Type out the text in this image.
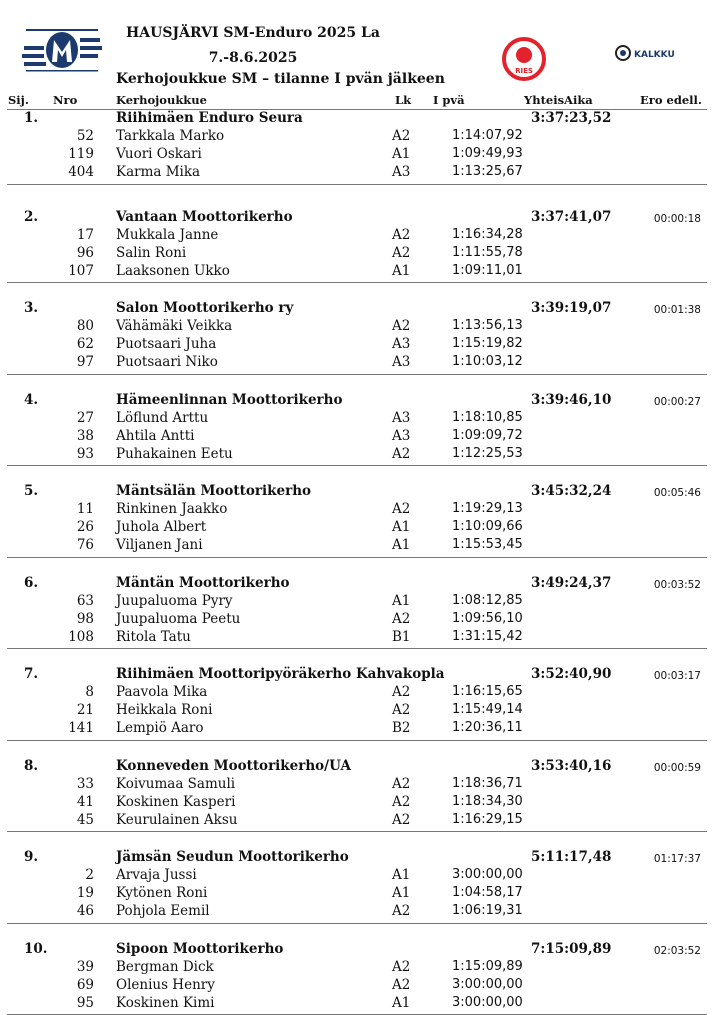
RIES
KALKKU
HAUSJÄRVI SM-Enduro 2025 La
7.-8.6.2025
Kerhojoukkue SM – tilanne I pvän jälkeen
Sij. Nro	Kerhojoukkue	Lk I pvä	YhteisAika	Ero edell.
1.	Riihimäen Enduro Seura	3:37:23,52
52 Tarkkala Marko	A2	1:14:07,92
119 Vuori Oskari	A1	1:09:49,93
404 Karma Mika	A3	1:13:25,67
2.	Vantaan Moottorikerho	3:37:41,07	00:00:18
17 Mukkala Janne	A2	1:16:34,28
96 Salin Roni	A2	1:11:55,78
107 Laaksonen Ukko	A1	1:09:11,01
3.	Salon Moottorikerho ry	3:39:19,07	00:01:38
80 Vähämäki Veikka	A2	1:13:56,13
62 Puotsaari Juha	A3	1:15:19,82
97 Puotsaari Niko	A3	1:10:03,12
4.	Hämeenlinnan Moottorikerho	3:39:46,10	00:00:27
27 Löflund Arttu	A3	1:18:10,85
38 Ahtila Antti	A3	1:09:09,72
93 Puhakainen Eetu	A2	1:12:25,53
5.	Mäntsälän Moottorikerho	3:45:32,24	00:05:46
11 Rinkinen Jaakko	A2	1:19:29,13
26 Juhola Albert	A1	1:10:09,66
76 Viljanen Jani	A1	1:15:53,45
6.	Mäntän Moottorikerho	3:49:24,37	00:03:52
63 Juupaluoma Pyry	A1	1:08:12,85
98 Juupaluoma Peetu	A2	1:09:56,10
108 Ritola Tatu	B1	1:31:15,42
7.	Riihimäen Moottoripyöräkerho Kahvakopla	3:52:40,90	00:03:17
8 Paavola Mika	A2	1:16:15,65
21 Heikkala Roni	A2	1:15:49,14
141 Lempiö Aaro	B2	1:20:36,11
8.	Konneveden Moottorikerho/UA	3:53:40,16	00:00:59
33 Koivumaa Samuli	A2	1:18:36,71
41 Koskinen Kasperi	A2	1:18:34,30
45 Keurulainen Aksu	A2	1:16:29,15
9.	Jämsän Seudun Moottorikerho	5:11:17,48	01:17:37
2 Arvaja Jussi	A1	3:00:00,00
19 Kytönen Roni	A1	1:04:58,17
46 Pohjola Eemil	A2	1:06:19,31
10.	Sipoon Moottorikerho	7:15:09,89	02:03:52
39 Bergman Dick	A2	1:15:09,89
69 Olenius Henry	A2	3:00:00,00
95 Koskinen Kimi	A1	3:00:00,00
